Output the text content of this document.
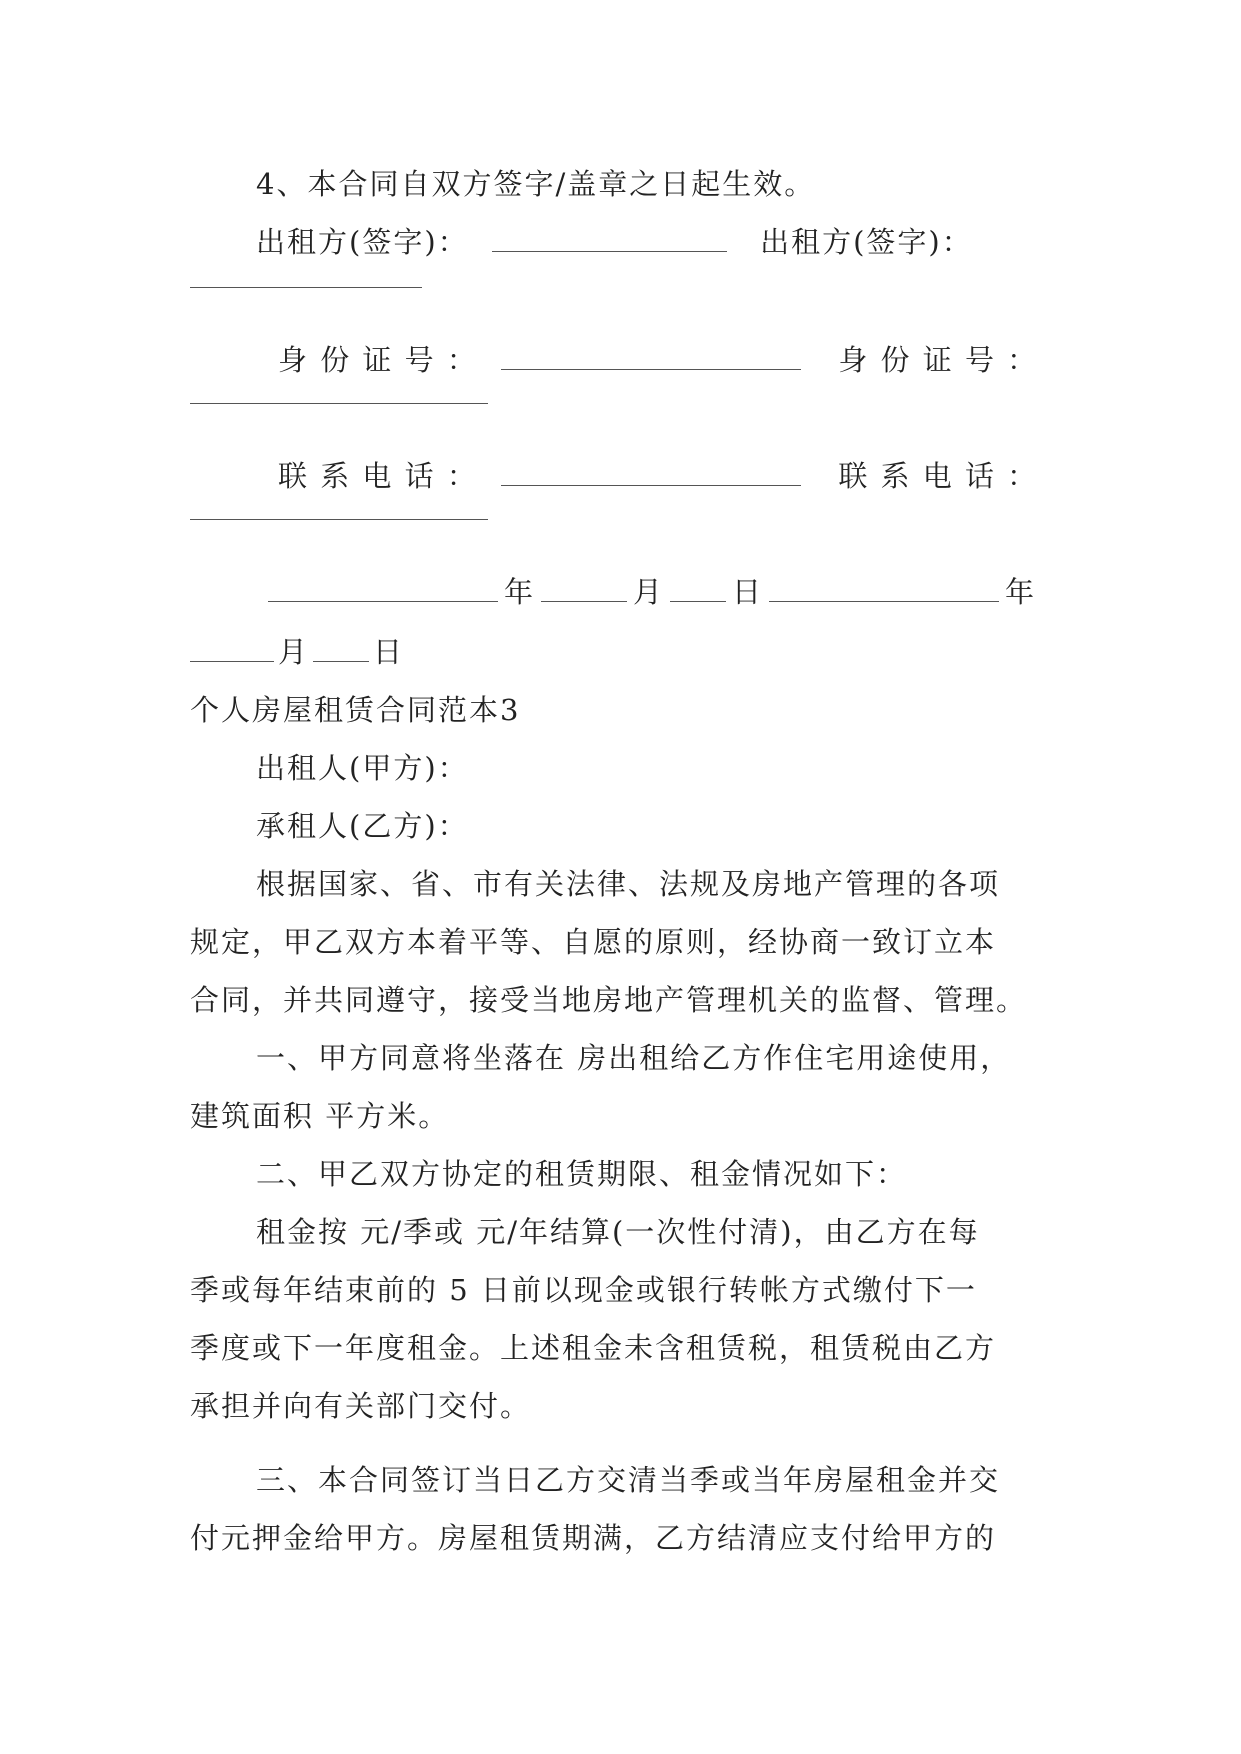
4、本合同自双方签字/盖章之日起生效。
出租方(签字)：	出租方(签字)：
身 份 证 号 ：	身 份 证 号 ：
联 系 电 话 ：	联 系 电 话 ：
年	月 日	年
月 日
个人房屋租赁合同范本3
出租人(甲方)：
承租人(乙方)：
根据国家、省、市有关法律、法规及房地产管理的各项
规定，甲乙双方本着平等、自愿的原则，经协商一致订立本
合同，并共同遵守，接受当地房地产管理机关的监督、管理。
一、甲方同意将坐落在 房出租给乙方作住宅用途使用，
建筑面积 平方米。
二、甲乙双方协定的租赁期限、租金情况如下：
租金按 元/季或 元/年结算(一次性付清)，由乙方在每
季或每年结束前的 5 日前以现金或银行转帐方式缴付下一
季度或下一年度租金。上述租金未含租赁税，租赁税由乙方
承担并向有关部门交付。
三、本合同签订当日乙方交清当季或当年房屋租金并交
付元押金给甲方。房屋租赁期满，乙方结清应支付给甲方的
